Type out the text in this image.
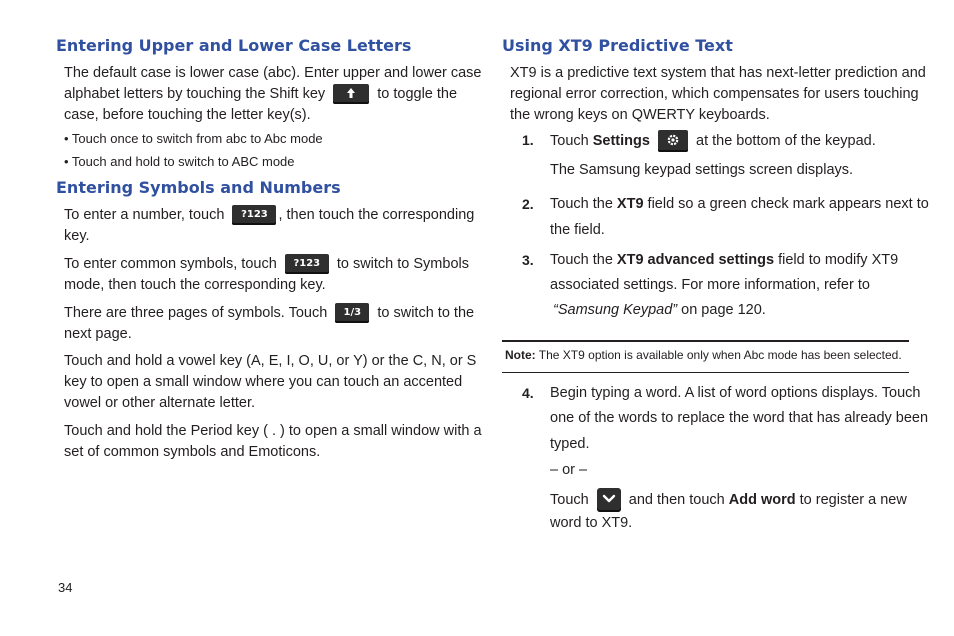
Entering Upper and Lower Case Letters

The default case is lower case (abc). Enter upper and lower case

alphabet letters by touching the Shift key	to toggle the

case, before touching the letter key(s).

• Touch once to switch from abc to Abc mode

• Touch and hold to switch to ABC mode

Entering Symbols and Numbers

To enter a number, touch ?123 , then touch the corresponding

key.

To enter common symbols, touch ?123 to switch to Symbols

mode, then touch the corresponding key.

There are three pages of symbols. Touch 1/3 to switch to the

next page.

Touch and hold a vowel key (A, E, I, O, U, or Y) or the C, N, or S

key to open a small window where you can touch an accented

vowel or other alternate letter.

Touch and hold the Period key ( . ) to open a small window with a

set of common symbols and Emoticons.

Using XT9 Predictive Text

XT9 is a predictive text system that has next-letter prediction and

regional error correction, which compensates for users touching

the wrong keys on QWERTY keyboards.

1. Touch Settings	at the bottom of the keypad.

The Samsung keypad settings screen displays.

2. Touch the XT9 field so a green check mark appears next to

the field.

3. Touch the XT9 advanced settings field to modify XT9

associated settings. For more information, refer to

“Samsung Keypad” on page 120.

Note: The XT9 option is available only when Abc mode has been selected.

4. Begin typing a word. A list of word options displays. Touch

one of the words to replace the word that has already been

typed.

– or –

Touch	and then touch Add word to register a new

word to XT9.

34
